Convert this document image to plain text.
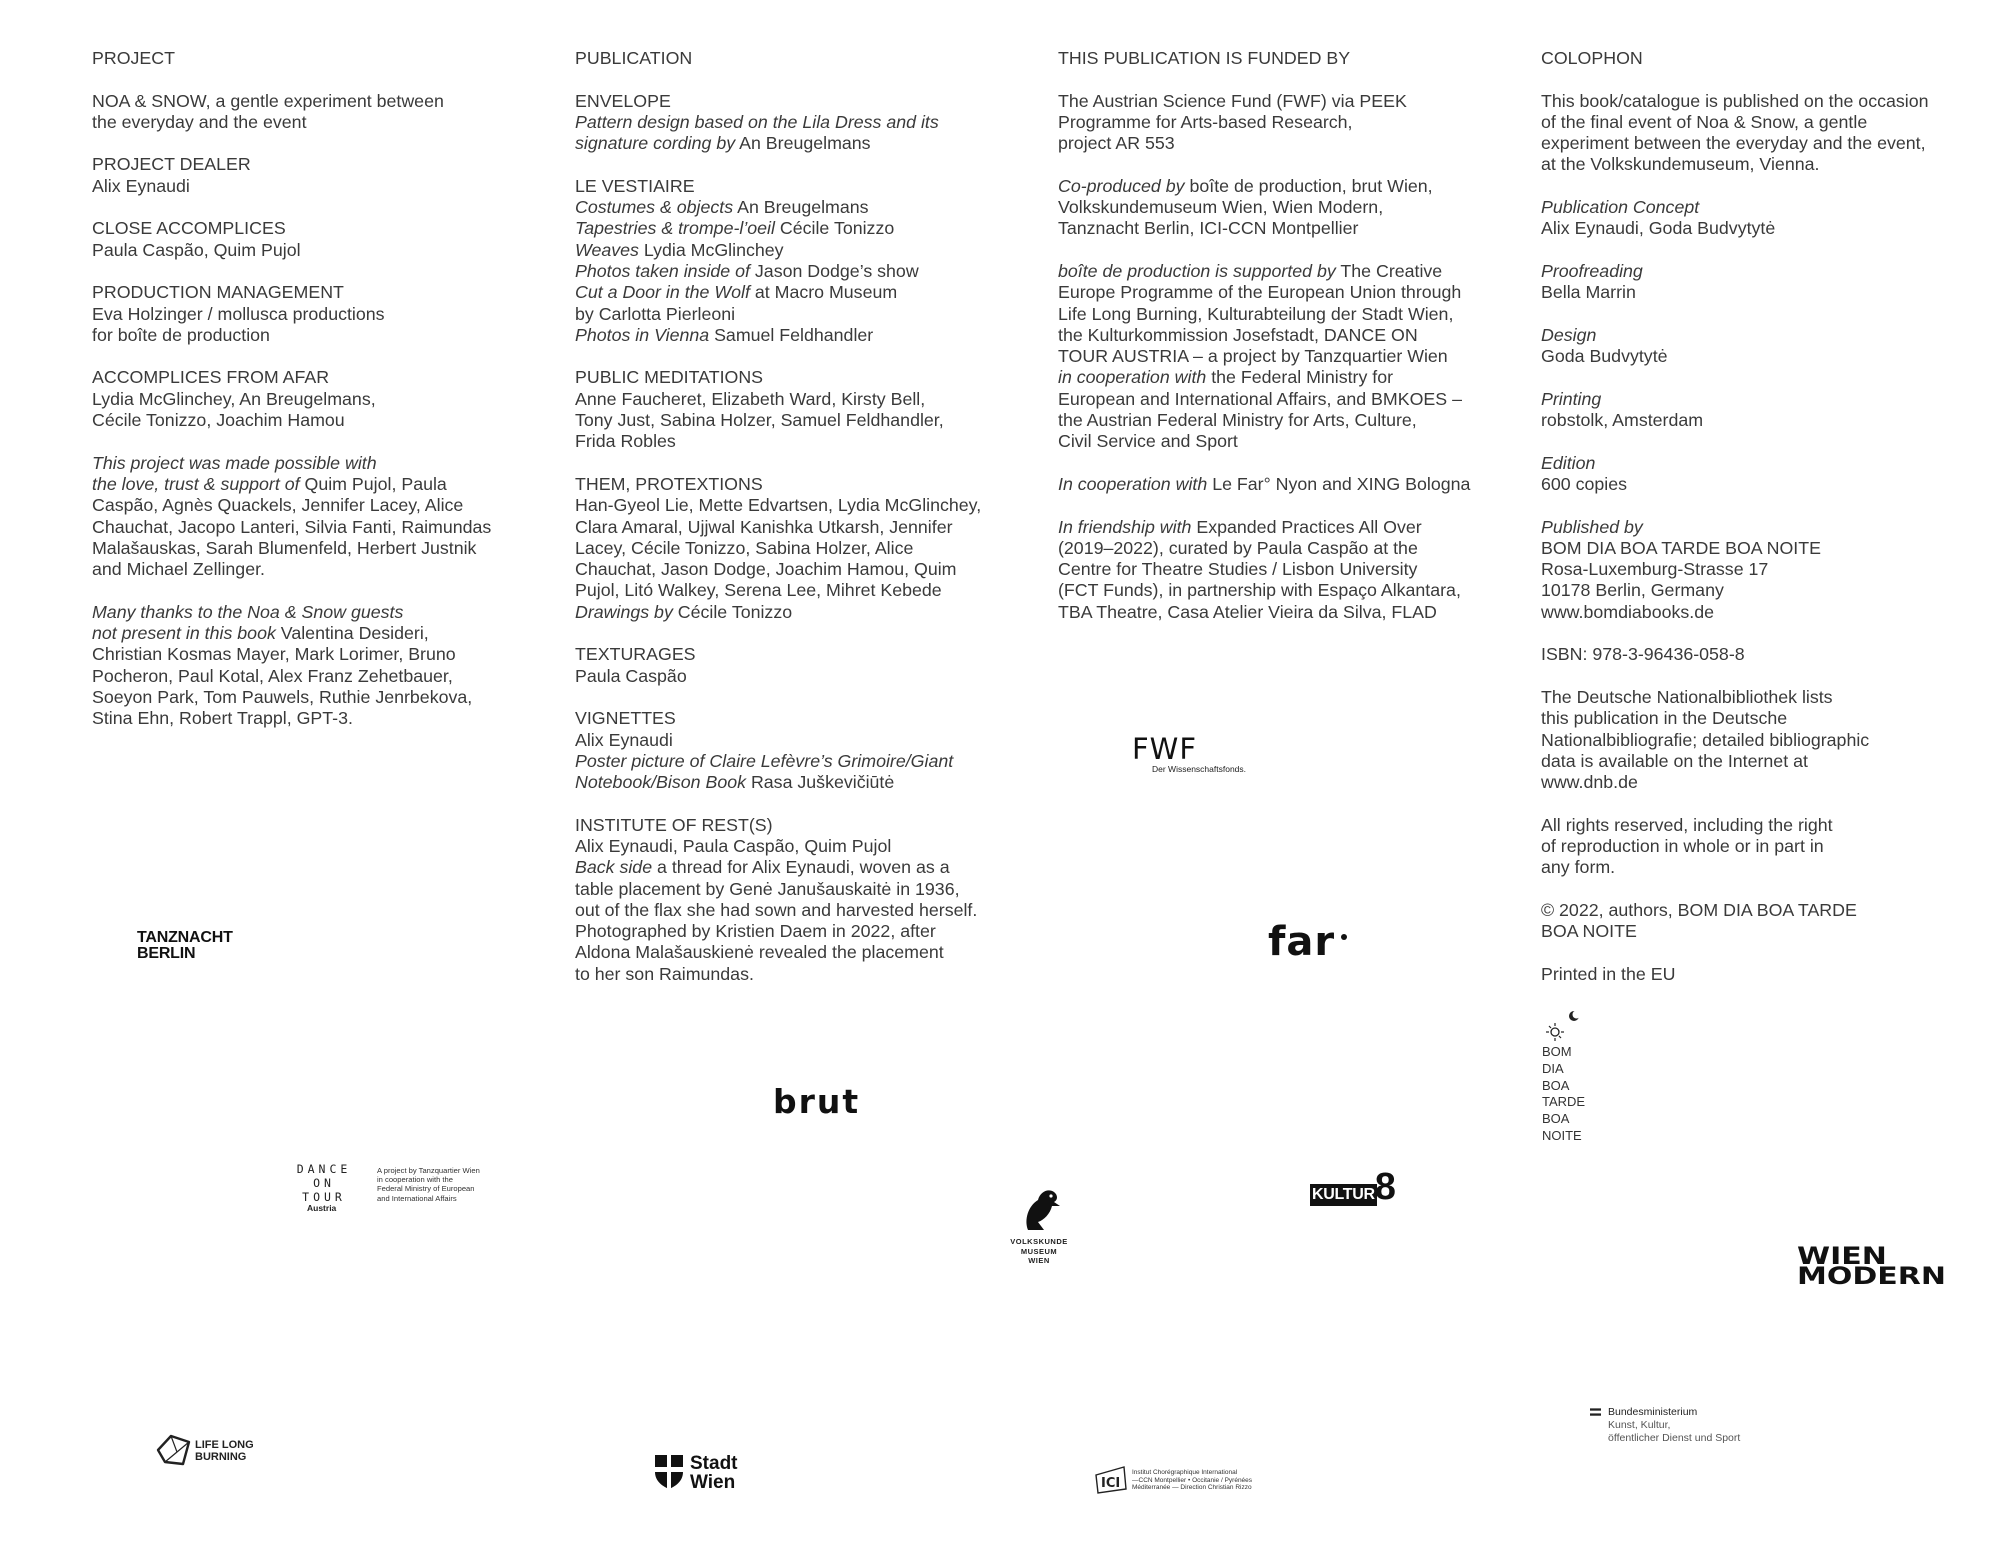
PROJECT
NOA & SNOW, a gentle experiment between
the everyday and the event
PROJECT DEALER
Alix Eynaudi
CLOSE ACCOMPLICES
Paula Caspão, Quim Pujol
PRODUCTION MANAGEMENT
Eva Holzinger / mollusca productions
for boîte de production
ACCOMPLICES FROM AFAR
Lydia McGlinchey, An Breugelmans,
Cécile Tonizzo, Joachim Hamou
This project was made possible with
the love, trust & support of Quim Pujol, Paula
Caspão, Agnès Quackels, Jennifer Lacey, Alice
Chauchat, Jacopo Lanteri, Silvia Fanti, Raimundas
Malašauskas, Sarah Blumenfeld, Herbert Justnik
and Michael Zellinger.
Many thanks to the Noa & Snow guests
not present in this book Valentina Desideri,
Christian Kosmas Mayer, Mark Lorimer, Bruno
Pocheron, Paul Kotal, Alex Franz Zehetbauer,
Soeyon Park, Tom Pauwels, Ruthie Jenrbekova,
Stina Ehn, Robert Trappl, GPT-3.
PUBLICATION
ENVELOPE
Pattern design based on the Lila Dress and its
signature cording by An Breugelmans
LE VESTIAIRE
Costumes & objects An Breugelmans
Tapestries & trompe-l’oeil Cécile Tonizzo
Weaves Lydia McGlinchey
Photos taken inside of Jason Dodge’s show
Cut a Door in the Wolf at Macro Museum
by Carlotta Pierleoni
Photos in Vienna Samuel Feldhandler
PUBLIC MEDITATIONS
Anne Faucheret, Elizabeth Ward, Kirsty Bell,
Tony Just, Sabina Holzer, Samuel Feldhandler,
Frida Robles
THEM, PROTEXTIONS
Han-Gyeol Lie, Mette Edvartsen, Lydia McGlinchey,
Clara Amaral, Ujjwal Kanishka Utkarsh, Jennifer
Lacey, Cécile Tonizzo, Sabina Holzer, Alice
Chauchat, Jason Dodge, Joachim Hamou, Quim
Pujol, Litó Walkey, Serena Lee, Mihret Kebede
Drawings by Cécile Tonizzo
TEXTURAGES
Paula Caspão
VIGNETTES
Alix Eynaudi
Poster picture of Claire Lefèvre’s Grimoire/Giant
Notebook/Bison Book Rasa Juškevičiūtė
INSTITUTE OF REST(S)
Alix Eynaudi, Paula Caspão, Quim Pujol
Back side a thread for Alix Eynaudi, woven as a
table placement by Genė Janušauskaitė in 1936,
out of the flax she had sown and harvested herself.
Photographed by Kristien Daem in 2022, after
Aldona Malašauskienė revealed the placement
to her son Raimundas.
THIS PUBLICATION IS FUNDED BY
The Austrian Science Fund (FWF) via PEEK
Programme for Arts-based Research,
project AR 553
Co-produced by boîte de production, brut Wien,
Volkskundemuseum Wien, Wien Modern,
Tanznacht Berlin, ICI-CCN Montpellier
boîte de production is supported by The Creative
Europe Programme of the European Union through
Life Long Burning, Kulturabteilung der Stadt Wien,
the Kulturkommission Josefstadt, DANCE ON
TOUR AUSTRIA – a project by Tanzquartier Wien
in cooperation with the Federal Ministry for
European and International Affairs, and BMKOES –
the Austrian Federal Ministry for Arts, Culture,
Civil Service and Sport
In cooperation with Le Far° Nyon and XING Bologna
In friendship with Expanded Practices All Over
(2019–2022), curated by Paula Caspão at the
Centre for Theatre Studies / Lisbon University
(FCT Funds), in partnership with Espaço Alkantara,
TBA Theatre, Casa Atelier Vieira da Silva, FLAD
COLOPHON
This book/catalogue is published on the occasion
of the final event of Noa & Snow, a gentle
experiment between the everyday and the event,
at the Volkskundemuseum, Vienna.
Publication Concept
Alix Eynaudi, Goda Budvytytė
Proofreading
Bella Marrin
Design
Goda Budvytytė
Printing
robstolk, Amsterdam
Edition
600 copies
Published by
BOM DIA BOA TARDE BOA NOITE
Rosa-Luxemburg-Strasse 17
10178 Berlin, Germany
www.bomdiabooks.de
ISBN: 978-3-96436-058-8
The Deutsche Nationalbibliothek lists
this publication in the Deutsche
Nationalbibliografie; detailed bibliographic
data is available on the Internet at
www.dnb.de
All rights reserved, including the right
of reproduction in whole or in part in
any form.
© 2022, authors, BOM DIA BOA TARDE
BOA NOITE
Printed in the EU
TANZNACHT
BERLIN
brut
DANCE
ON TOUR
Austria
A project by Tanzquartier Wien
in cooperation with the
Federal Ministry of European
and International Affairs
FWF
Der Wissenschaftsfonds.
far
BOM
DIA
BOA
TARDE
BOA
NOITE
KULTUR8
VOLKSKUNDE
MUSEUM
WIEN	WIEN
MODERN
LIFE LONG
BURNING	Stadt
Wien	ICI
Institut Chorégraphique International
—CCN Montpellier • Occitanie / Pyrénées
Méditerranée — Direction Christian Rizzo
Bundesministerium
Kunst, Kultur,
öffentlicher Dienst und Sport
